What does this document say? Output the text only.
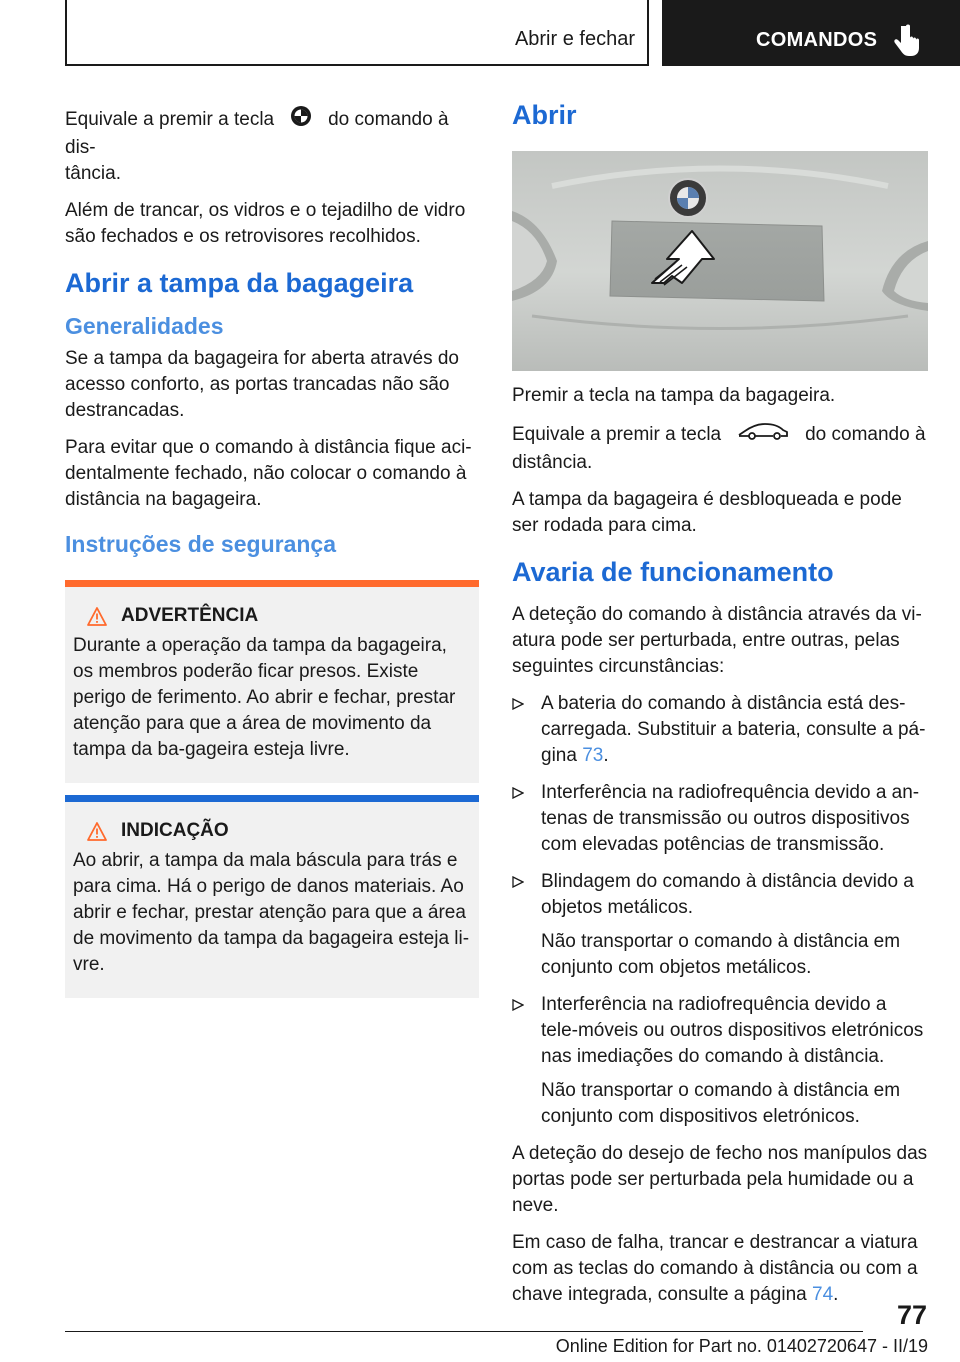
Abrir e fechar	COMANDOS

Equivale a premir a tecla	do comando à dis-
tância.

Além de trancar, os vidros e o tejadilho de vidro são fechados e os retrovisores recolhidos.

Abrir a tampa da bagageira
Generalidades

Se a tampa da bagageira for aberta através do acesso conforto, as portas trancadas não são destrancadas.

Para evitar que o comando à distância fique aci-dentalmente fechado, não colocar o comando à distância na bagageira.

Instruções de segurança
ADVERTÊNCIA

Durante a operação da tampa da bagageira, os membros poderão ficar presos. Existe perigo de ferimento. Ao abrir e fechar, prestar atenção para que a área de movimento da tampa da ba-gageira esteja livre.

INDICAÇÃO

Ao abrir, a tampa da mala báscula para trás e para cima. Há o perigo de danos materiais. Ao abrir e fechar, prestar atenção para que a área de movimento da tampa da bagageira esteja li-vre.

Abrir

Premir a tecla na tampa da bagageira.

Equivale a premir a tecla	do comando à
distância.

A tampa da bagageira é desbloqueada e pode ser rodada para cima.

Avaria de funcionamento

A deteção do comando à distância através da vi-atura pode ser perturbada, entre outras, pelas seguintes circunstâncias:

A bateria do comando à distância está des-carregada. Substituir a bateria, consulte a pá-gina 73.
Interferência na radiofrequência devido a an-tenas de transmissão ou outros dispositivos com elevadas potências de transmissão.
Blindagem do comando à distância devido a objetos metálicos.

Não transportar o comando à distância em conjunto com objetos metálicos.

Interferência na radiofrequência devido a tele-móveis ou outros dispositivos eletrónicos nas imediações do comando à distância.

Não transportar o comando à distância em conjunto com dispositivos eletrónicos.

A deteção do desejo de fecho nos manípulos das portas pode ser perturbada pela humidade ou a neve.

Em caso de falha, trancar e destrancar a viatura com as teclas do comando à distância ou com a chave integrada, consulte a página 74.

77
Online Edition for Part no. 01402720647 - II/19
